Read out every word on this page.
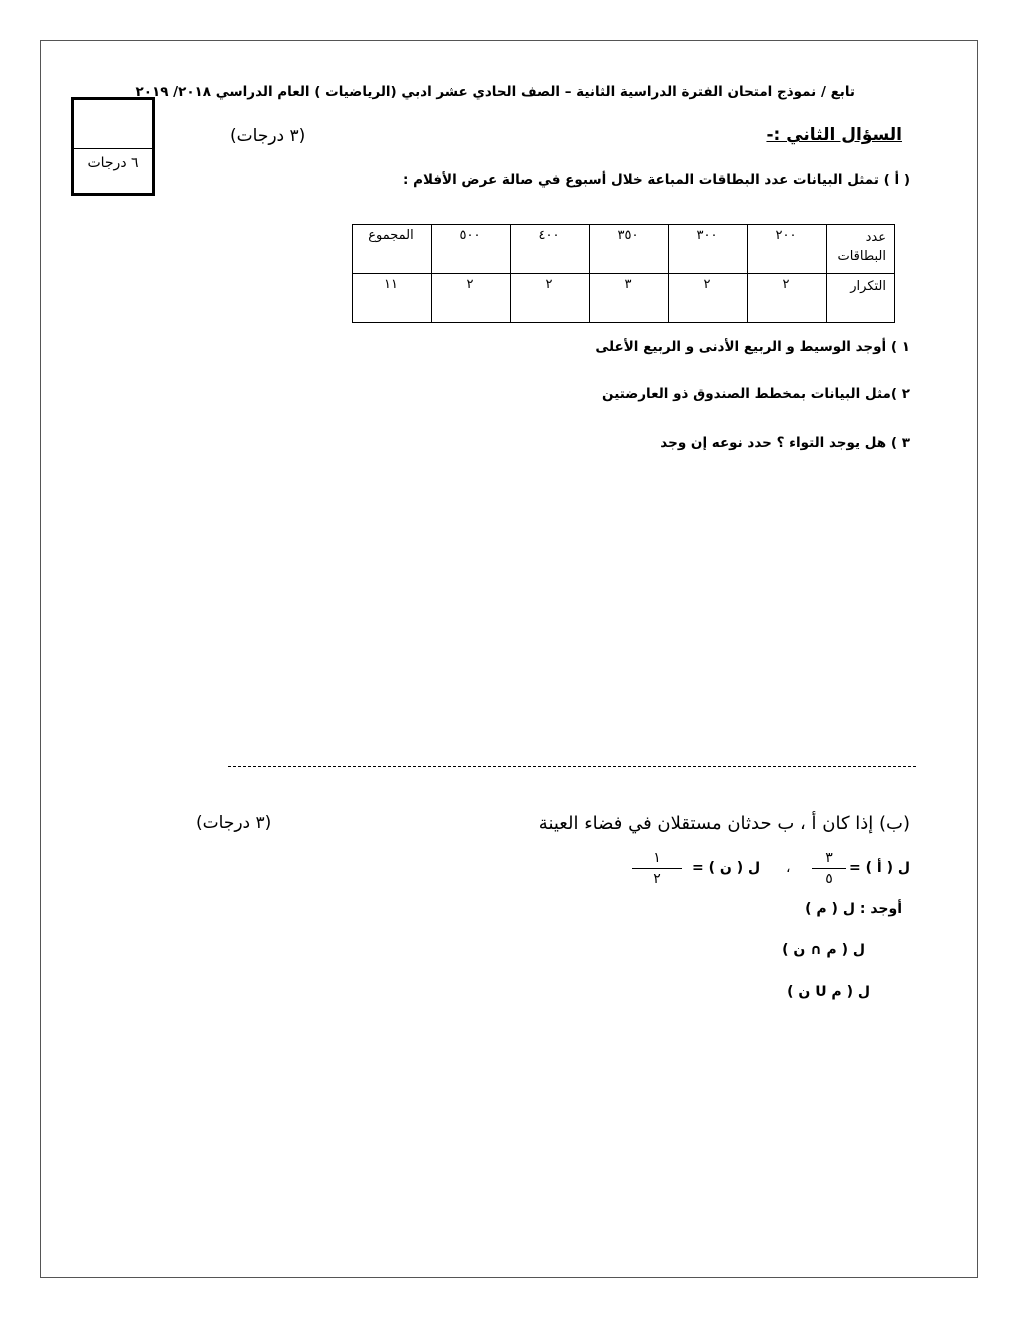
تابع / نموذج امتحان الفترة الدراسية الثانية – الصف الحادي عشر ادبي (الرياضيات ) العام الدراسي ٢٠١٨/ ٢٠١٩
٦ درجات
السؤال الثاني :-
(٣ درجات)
( أ ) تمثل البيانات عدد البطاقات المباعة خلال أسبوع في صالة عرض الأفلام :
عدد البطاقات	٢٠٠	٣٠٠	٣٥٠	٤٠٠	٥٠٠	المجموع
التكرار	٢	٢	٣	٢	٢	١١
١ ) أوجد الوسيط و الربيع الأدنى و الربيع الأعلى
٢ )مثل البيانات بمخطط الصندوق ذو العارضتين
٣ ) هل يوجد التواء ؟ حدد نوعه إن وجد
(ب) إذا كان أ ، ب حدثان مستقلان في فضاء العينة
(٣ درجات)
ل ( أ ) =
٣
٥
،
ل ( ن ) =
١
٢
أوجد : ل ( م )
ل ( م ∩ ن )
ل ( م U ن )
